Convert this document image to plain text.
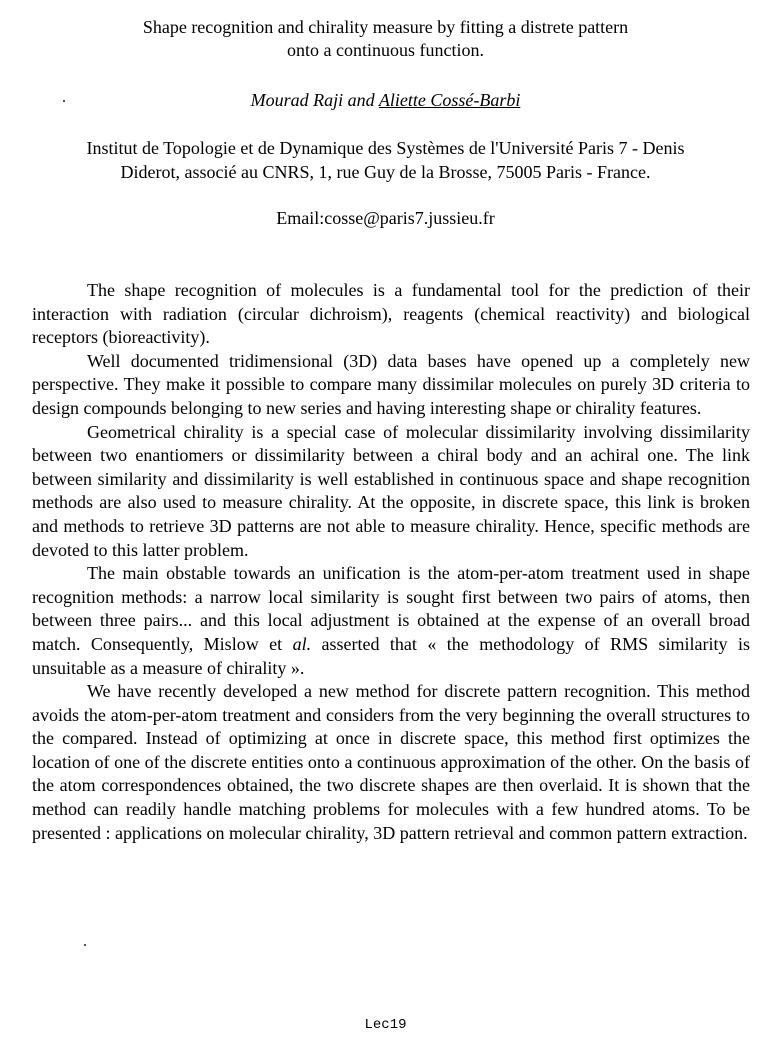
Shape recognition and chirality measure by fitting a distrete pattern
onto a continuous function.
Mourad Raji and Aliette Cossé-Barbi
Institut de Topologie et de Dynamique des Systèmes de l'Université Paris 7 - Denis
Diderot, associé au CNRS, 1, rue Guy de la Brosse, 75005 Paris - France.
Email:cosse@paris7.jussieu.fr

The shape recognition of molecules is a fundamental tool for the prediction of their interaction with radiation (circular dichroism), reagents (chemical reactivity) and biological receptors (bioreactivity).

Well documented tridimensional (3D) data bases have opened up a completely new perspective. They make it possible to compare many dissimilar molecules on purely 3D criteria to design compounds belonging to new series and having interesting shape or chirality features.

Geometrical chirality is a special case of molecular dissimilarity involving dissimilarity between two enantiomers or dissimilarity between a chiral body and an achiral one. The link between similarity and dissimilarity is well established in continuous space and shape recognition methods are also used to measure chirality. At the opposite, in discrete space, this link is broken and methods to retrieve 3D patterns are not able to measure chirality. Hence, specific methods are devoted to this latter problem.

The main obstable towards an unification is the atom-per-atom treatment used in shape recognition methods: a narrow local similarity is sought first between two pairs of atoms, then between three pairs... and this local adjustment is obtained at the expense of an overall broad match. Consequently, Mislow et al. asserted that « the methodology of RMS similarity is unsuitable as a measure of chirality ».

We have recently developed a new method for discrete pattern recognition. This method avoids the atom-per-atom treatment and considers from the very beginning the overall structures to the compared. Instead of optimizing at once in discrete space, this method first optimizes the location of one of the discrete entities onto a continuous approximation of the other. On the basis of the atom correspondences obtained, the two discrete shapes are then overlaid. It is shown that the method can readily handle matching problems for molecules with a few hundred atoms. To be presented : applications on molecular chirality, 3D pattern retrieval and common pattern extraction.

Lec19
